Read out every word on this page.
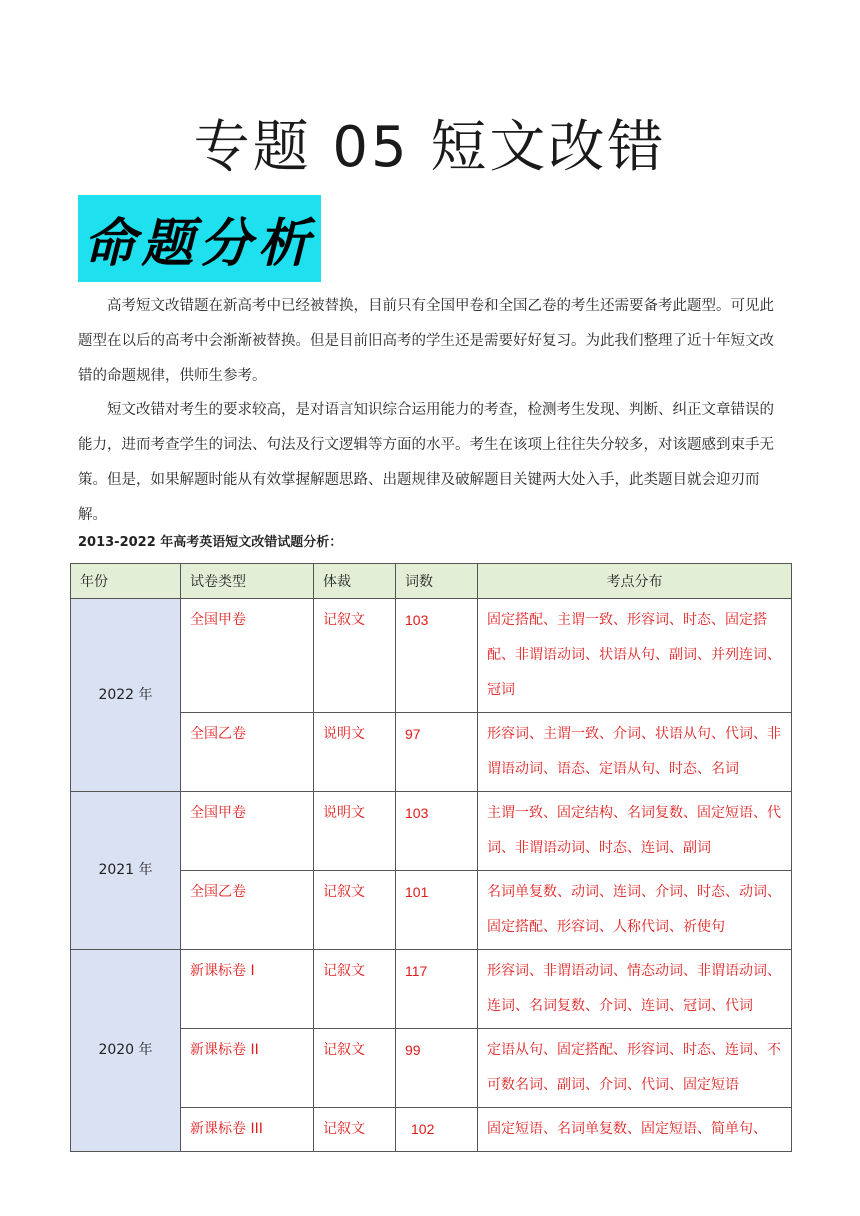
专题 05 短文改错
命题分析
高考短文改错题在新高考中已经被替换，目前只有全国甲卷和全国乙卷的考生还需要备考此题型。可见此题型在以后的高考中会渐渐被替换。但是目前旧高考的学生还是需要好好复习。为此我们整理了近十年短文改错的命题规律，供师生参考。
短文改错对考生的要求较高，是对语言知识综合运用能力的考查，检测考生发现、判断、纠正文章错误的能力，进而考查学生的词法、句法及行文逻辑等方面的水平。考生在该项上往往失分较多，对该题感到束手无策。但是，如果解题时能从有效掌握解题思路、出题规律及破解题目关键两大处入手，此类题目就会迎刃而解。
2013-2022 年高考英语短文改错试题分析：
年份	试卷类型	体裁	词数	考点分布
2022 年	全国甲卷	记叙文	103	固定搭配、主谓一致、形容词、时态、固定搭配、非谓语动词、状语从句、副词、并列连词、冠词
	全国乙卷	说明文	97	形容词、主谓一致、介词、状语从句、代词、非谓语动词、语态、定语从句、时态、名词
2021 年	全国甲卷	说明文	103	主谓一致、固定结构、名词复数、固定短语、代词、非谓语动词、时态、连词、副词
	全国乙卷	记叙文	101	名词单复数、动词、连词、介词、时态、动词、固定搭配、形容词、人称代词、祈使句
2020 年	新课标卷 I	记叙文	117	形容词、非谓语动词、情态动词、非谓语动词、连词、名词复数、介词、连词、冠词、代词
	新课标卷 II	记叙文	99	定语从句、固定搭配、形容词、时态、连词、不可数名词、副词、介词、代词、固定短语
	新课标卷 III	记叙文	102	固定短语、名词单复数、固定短语、简单句、
